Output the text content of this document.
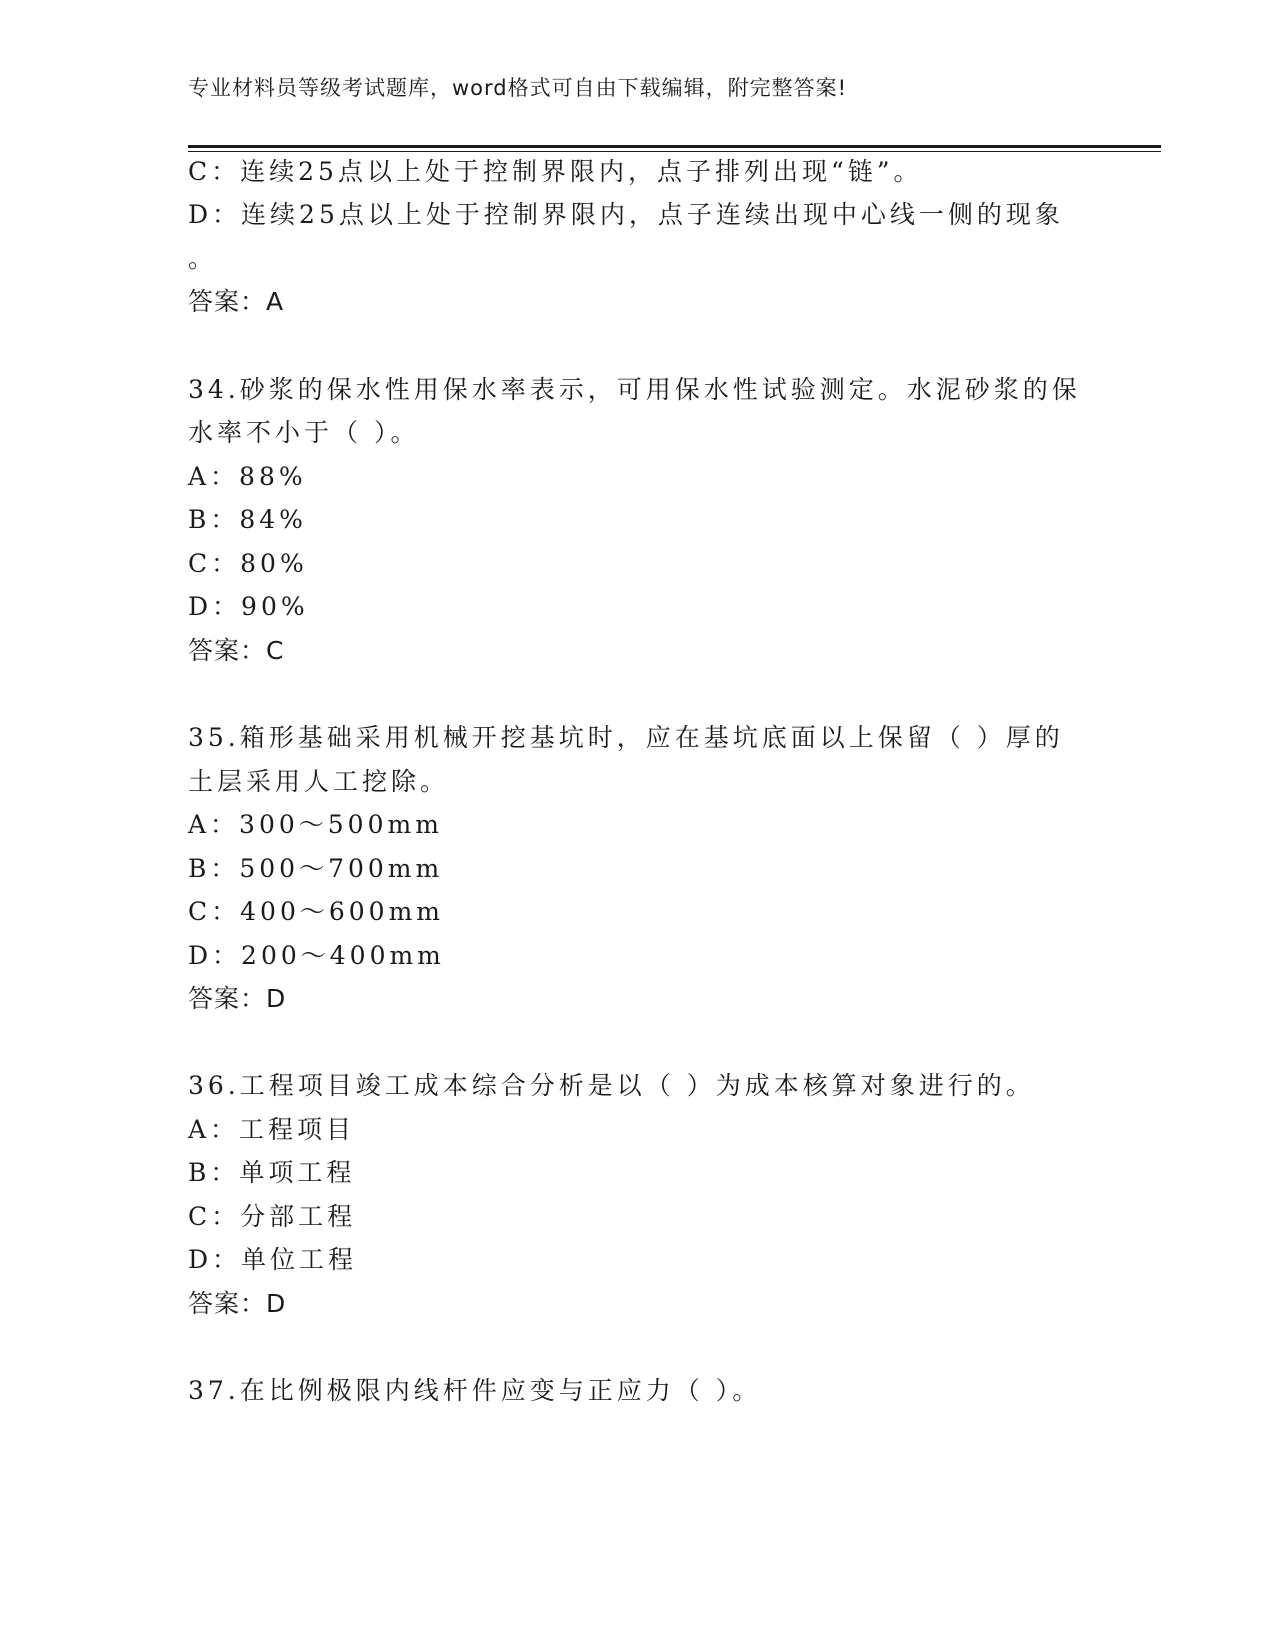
专业材料员等级考试题库，word格式可自由下载编辑，附完整答案!
C：连续25点以上处于控制界限内，点子排列出现“链”。
D：连续25点以上处于控制界限内，点子连续出现中心线一侧的现象
。
答案：A
34.砂浆的保水性用保水率表示，可用保水性试验测定。水泥砂浆的保
水率不小于（ ）。
A：88%
B：84%
C：80%
D：90%
答案：C
35.箱形基础采用机械开挖基坑时，应在基坑底面以上保留（ ）厚的
土层采用人工挖除。
A：300～500mm
B：500～700mm
C：400～600mm
D：200～400mm
答案：D
36.工程项目竣工成本综合分析是以（ ）为成本核算对象进行的。
A：工程项目
B：单项工程
C：分部工程
D：单位工程
答案：D
37.在比例极限内线杆件应变与正应力（ ）。
